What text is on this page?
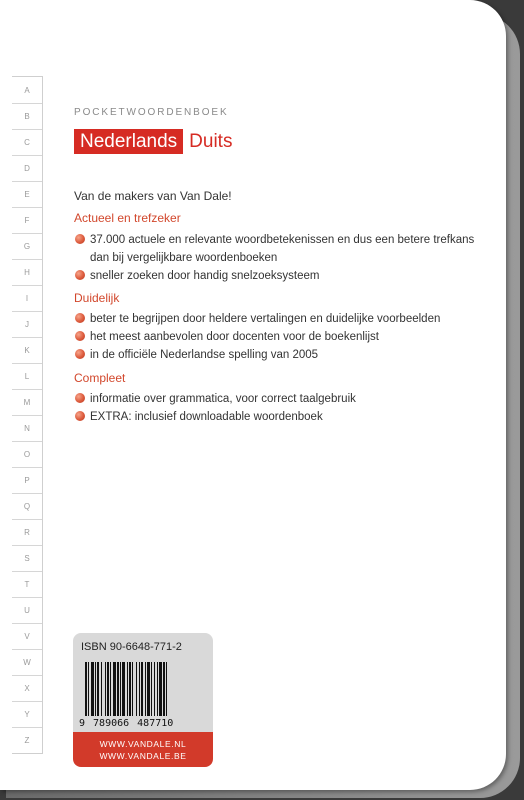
A
B
C
D
E
F
G
H
I
J
K
L
M
N
O
P
Q
R
S
T
U
V
W
X
Y
Z
POCKETWOORDENBOEK
Nederlands Duits
Van de makers van Van Dale!
Actueel en trefzeker
37.000 actuele en relevante woordbetekenissen en dus een betere trefkans dan bij vergelijkbare woordenboeken
sneller zoeken door handig snelzoeksysteem
Duidelijk
beter te begrijpen door heldere vertalingen en duidelijke voorbeelden
het meest aanbevolen door docenten voor de boekenlijst
in de officiële Nederlandse spelling van 2005
Compleet
informatie over grammatica, voor correct taalgebruik
EXTRA: inclusief downloadable woordenboek
ISBN 90-6648-771-2
9 789066 487710
WWW.VANDALE.NL
WWW.VANDALE.BE
